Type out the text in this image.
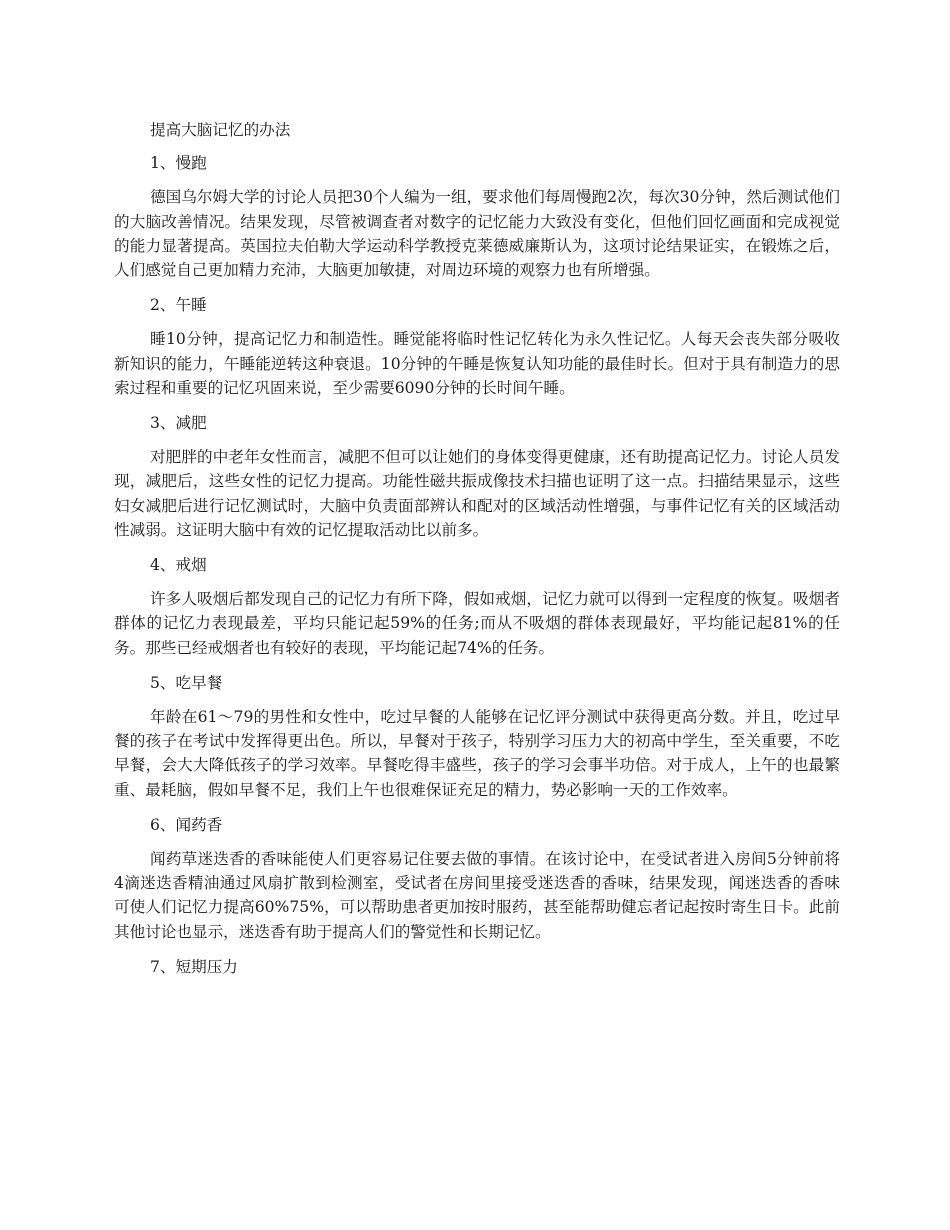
提高大脑记忆的办法

1、慢跑

德国乌尔姆大学的讨论人员把30个人编为一组，要求他们每周慢跑2次，每次30分钟，然后测试他们的大脑改善情况。结果发现，尽管被调查者对数字的记忆能力大致没有变化，但他们回忆画面和完成视觉的能力显著提高。英国拉夫伯勒大学运动科学教授克莱德威廉斯认为，这项讨论结果证实，在锻炼之后，人们感觉自己更加精力充沛，大脑更加敏捷，对周边环境的观察力也有所增强。

2、午睡

睡10分钟，提高记忆力和制造性。睡觉能将临时性记忆转化为永久性记忆。人每天会丧失部分吸收新知识的能力，午睡能逆转这种衰退。10分钟的午睡是恢复认知功能的最佳时长。但对于具有制造力的思索过程和重要的记忆巩固来说，至少需要6090分钟的长时间午睡。

3、减肥

对肥胖的中老年女性而言，减肥不但可以让她们的身体变得更健康，还有助提高记忆力。讨论人员发现，减肥后，这些女性的记忆力提高。功能性磁共振成像技术扫描也证明了这一点。扫描结果显示，这些妇女减肥后进行记忆测试时，大脑中负责面部辨认和配对的区域活动性增强，与事件记忆有关的区域活动性减弱。这证明大脑中有效的记忆提取活动比以前多。

4、戒烟

许多人吸烟后都发现自己的记忆力有所下降，假如戒烟，记忆力就可以得到一定程度的恢复。吸烟者群体的记忆力表现最差，平均只能记起59%的任务;而从不吸烟的群体表现最好，平均能记起81%的任务。那些已经戒烟者也有较好的表现，平均能记起74%的任务。

5、吃早餐

年龄在61～79的男性和女性中，吃过早餐的人能够在记忆评分测试中获得更高分数。并且，吃过早餐的孩子在考试中发挥得更出色。所以，早餐对于孩子，特别学习压力大的初高中学生，至关重要，不吃早餐，会大大降低孩子的学习效率。早餐吃得丰盛些，孩子的学习会事半功倍。对于成人，上午的也最繁重、最耗脑，假如早餐不足，我们上午也很难保证充足的精力，势必影响一天的工作效率。

6、闻药香

闻药草迷迭香的香味能使人们更容易记住要去做的事情。在该讨论中，在受试者进入房间5分钟前将4滴迷迭香精油通过风扇扩散到检测室，受试者在房间里接受迷迭香的香味，结果发现，闻迷迭香的香味可使人们记忆力提高60%75%，可以帮助患者更加按时服药，甚至能帮助健忘者记起按时寄生日卡。此前其他讨论也显示，迷迭香有助于提高人们的警觉性和长期记忆。

7、短期压力
